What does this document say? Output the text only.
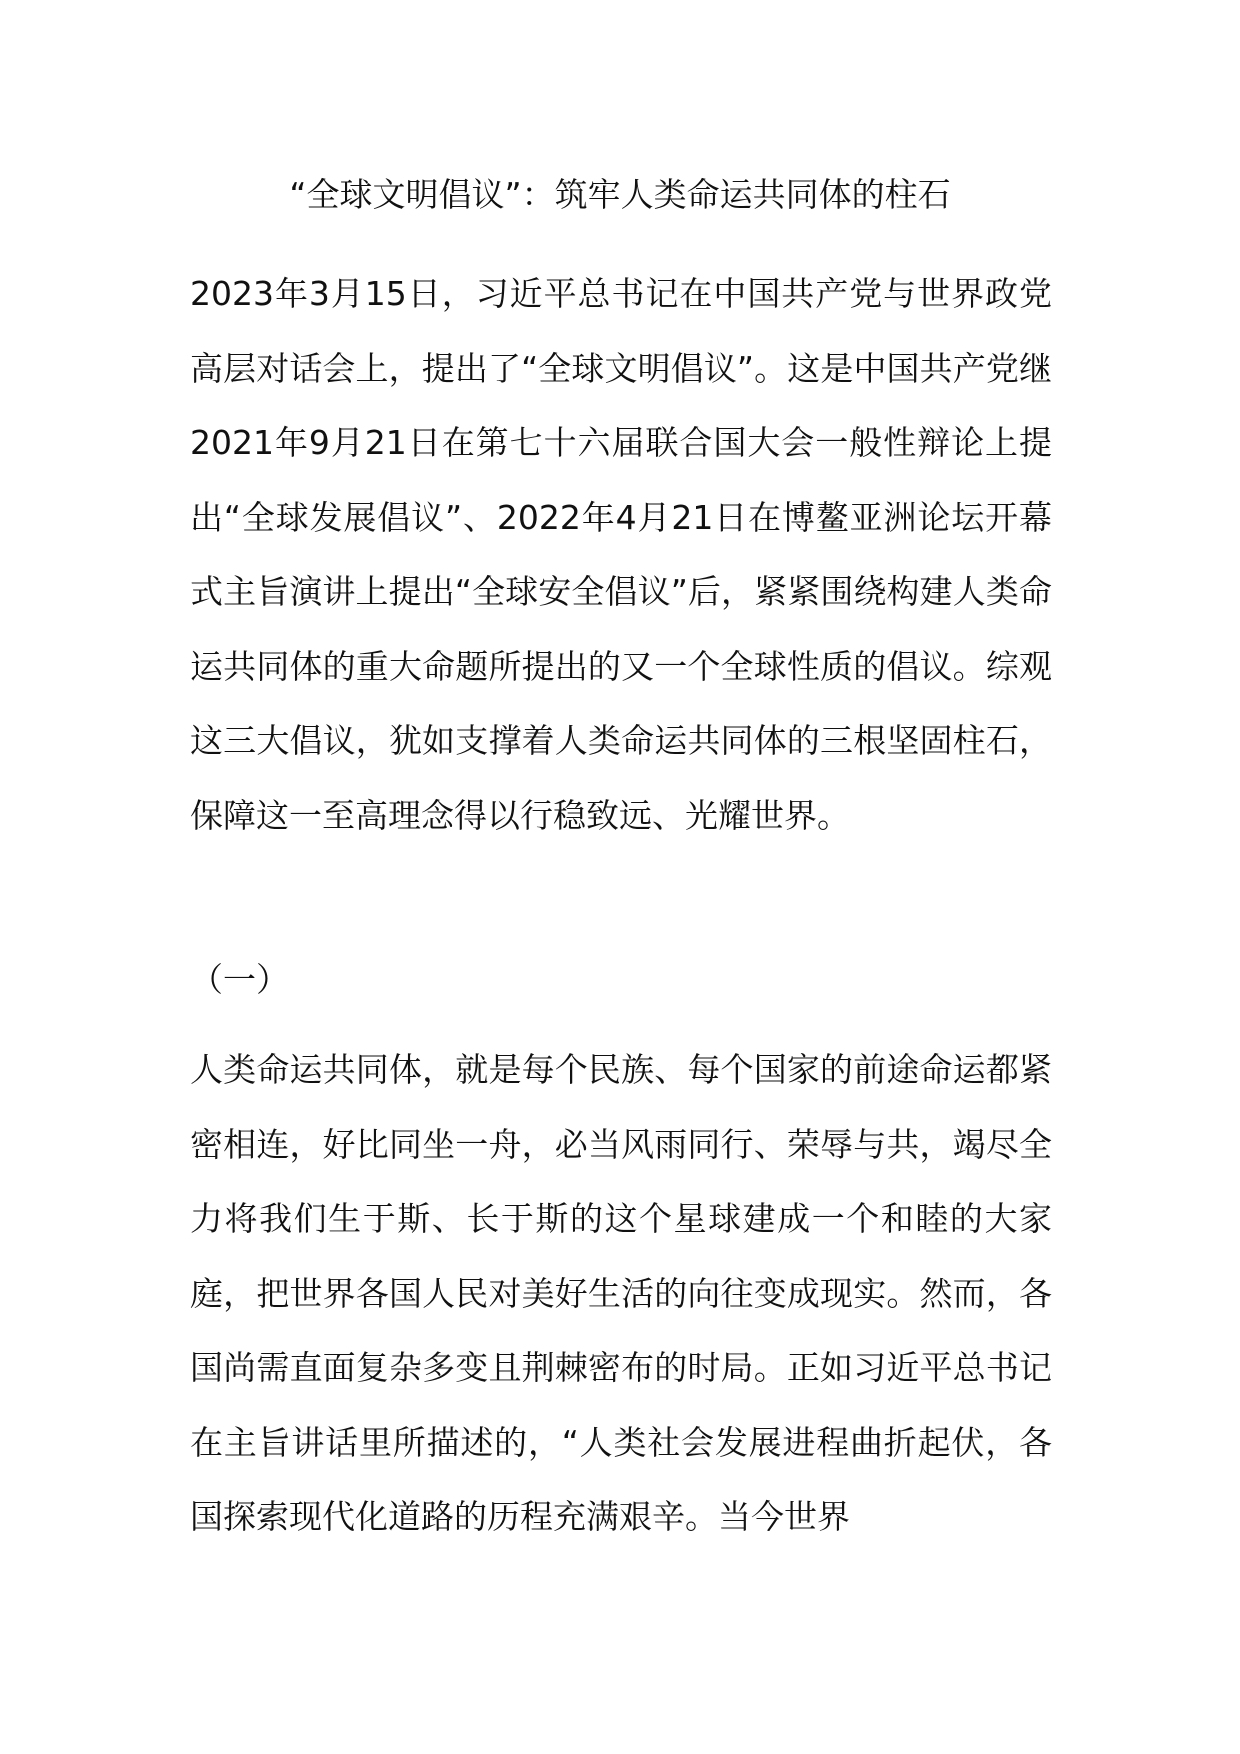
“全球文明倡议”：筑牢人类命运共同体的柱石

2023年3月15日，习近平总书记在中国共产党与世界政党高层对话会上，提出了“全球文明倡议”。这是中国共产党继2021年9月21日在第七十六届联合国大会一般性辩论上提出“全球发展倡议”、2022年4月21日在博鳌亚洲论坛开幕式主旨演讲上提出“全球安全倡议”后，紧紧围绕构建人类命运共同体的重大命题所提出的又一个全球性质的倡议。综观这三大倡议，犹如支撑着人类命运共同体的三根坚固柱石，保障这一至高理念得以行稳致远、光耀世界。

（一）

人类命运共同体，就是每个民族、每个国家的前途命运都紧密相连，好比同坐一舟，必当风雨同行、荣辱与共，竭尽全力将我们生于斯、长于斯的这个星球建成一个和睦的大家庭，把世界各国人民对美好生活的向往变成现实。然而，各国尚需直面复杂多变且荆棘密布的时局。正如习近平总书记在主旨讲话里所描述的，“人类社会发展进程曲折起伏，各国探索现代化道路的历程充满艰辛。当今世界
